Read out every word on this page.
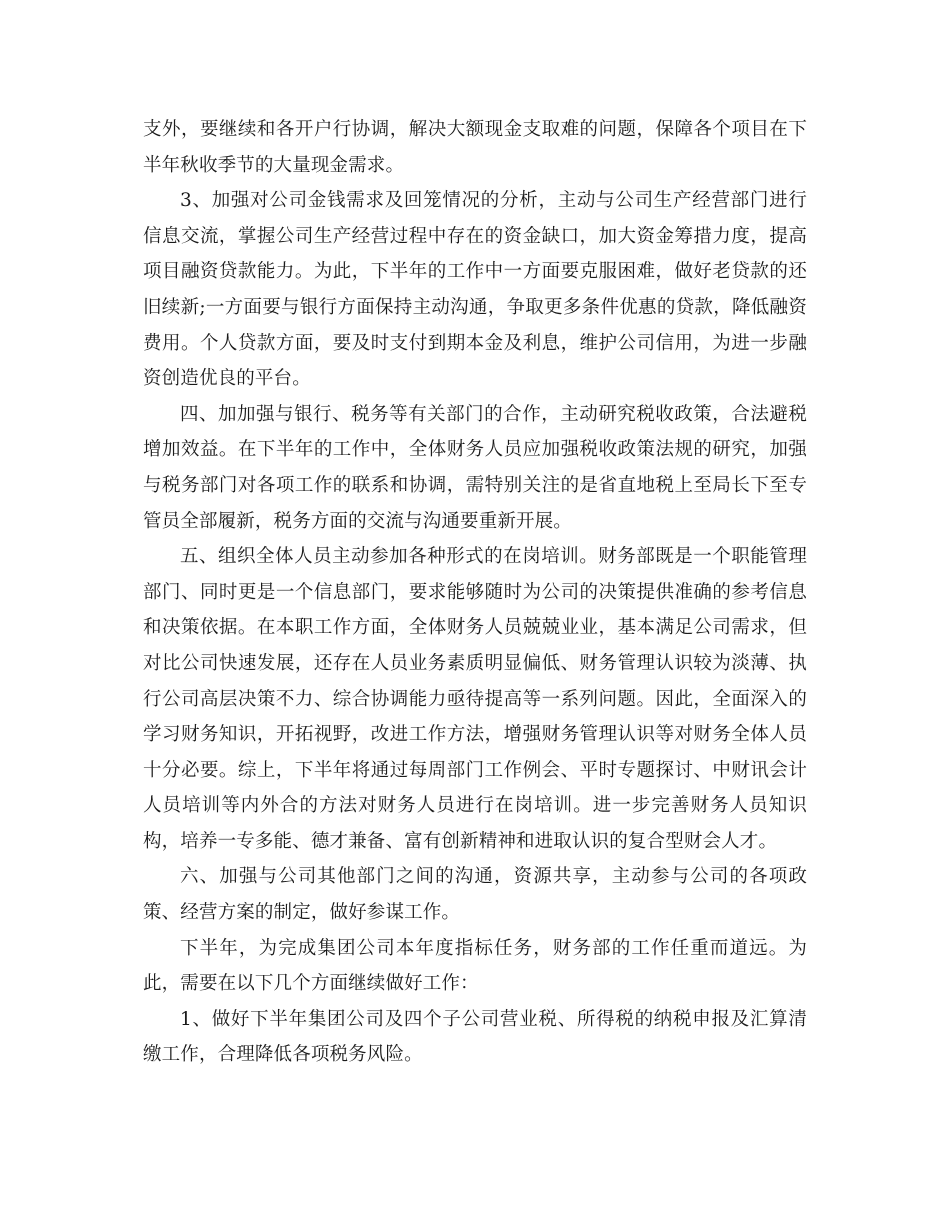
支外，要继续和各开户行协调，解决大额现金支取难的问题，保障各个项目在下半年秋收季节的大量现金需求。

3、加强对公司金钱需求及回笼情况的分析，主动与公司生产经营部门进行信息交流，掌握公司生产经营过程中存在的资金缺口，加大资金筹措力度，提高项目融资贷款能力。为此，下半年的工作中一方面要克服困难，做好老贷款的还旧续新;一方面要与银行方面保持主动沟通，争取更多条件优惠的贷款，降低融资费用。个人贷款方面，要及时支付到期本金及利息，维护公司信用，为进一步融资创造优良的平台。

四、加加强与银行、税务等有关部门的合作，主动研究税收政策，合法避税增加效益。在下半年的工作中，全体财务人员应加强税收政策法规的研究，加强与税务部门对各项工作的联系和协调，需特别关注的是省直地税上至局长下至专管员全部履新，税务方面的交流与沟通要重新开展。

五、组织全体人员主动参加各种形式的在岗培训。财务部既是一个职能管理部门、同时更是一个信息部门，要求能够随时为公司的决策提供准确的参考信息和决策依据。在本职工作方面，全体财务人员兢兢业业，基本满足公司需求，但对比公司快速发展，还存在人员业务素质明显偏低、财务管理认识较为淡薄、执行公司高层决策不力、综合协调能力亟待提高等一系列问题。因此，全面深入的学习财务知识，开拓视野，改进工作方法，增强财务管理认识等对财务全体人员十分必要。综上，下半年将通过每周部门工作例会、平时专题探讨、中财讯会计人员培训等内外合的方法对财务人员进行在岗培训。进一步完善财务人员知识构，培养一专多能、德才兼备、富有创新精神和进取认识的复合型财会人才。

六、加强与公司其他部门之间的沟通，资源共享，主动参与公司的各项政策、经营方案的制定，做好参谋工作。

下半年，为完成集团公司本年度指标任务，财务部的工作任重而道远。为此，需要在以下几个方面继续做好工作：

1、做好下半年集团公司及四个子公司营业税、所得税的纳税申报及汇算清缴工作，合理降低各项税务风险。
